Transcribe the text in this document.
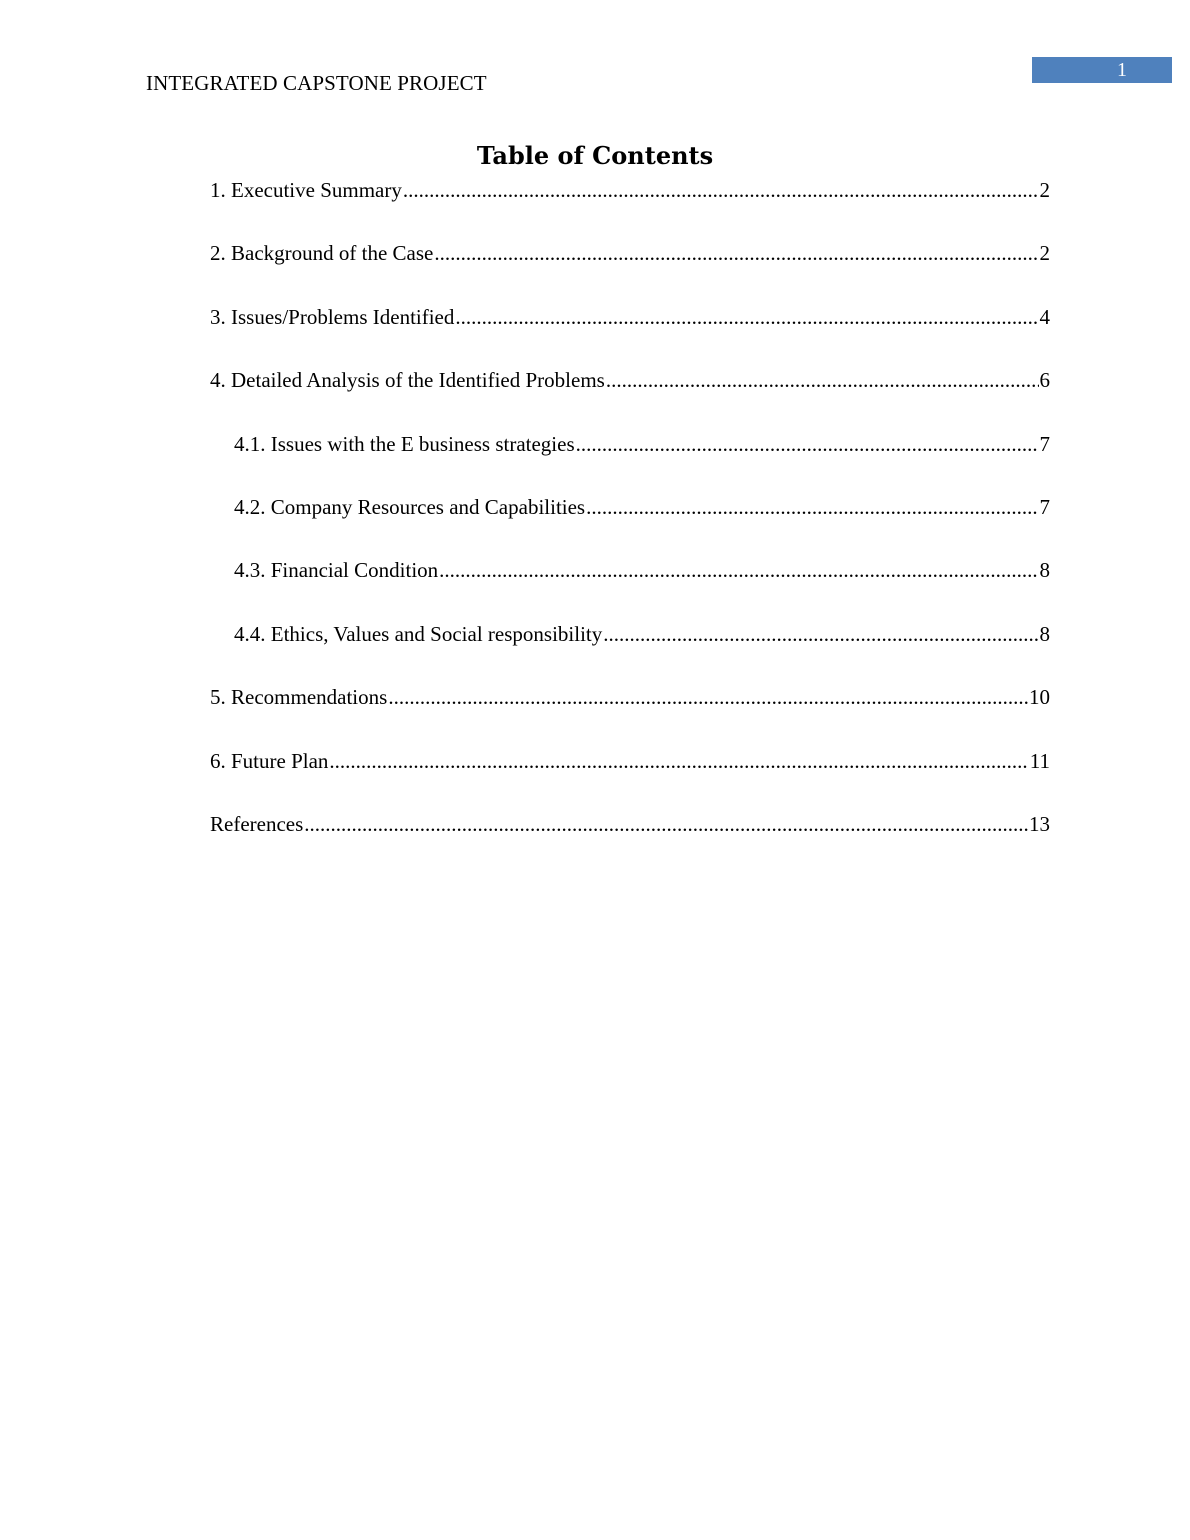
1
INTEGRATED CAPSTONE PROJECT
Table of Contents
1. Executive Summary .....	2
2. Background of the Case .....	2
3. Issues/Problems Identified .....	4
4. Detailed Analysis of the Identified Problems .....	6
4.1. Issues with the E business strategies .....	7
4.2. Company Resources and Capabilities .....	7
4.3. Financial Condition .....	8
4.4. Ethics, Values and Social responsibility .....	8
5. Recommendations .....	10
6. Future Plan .....	11
References .....	13
